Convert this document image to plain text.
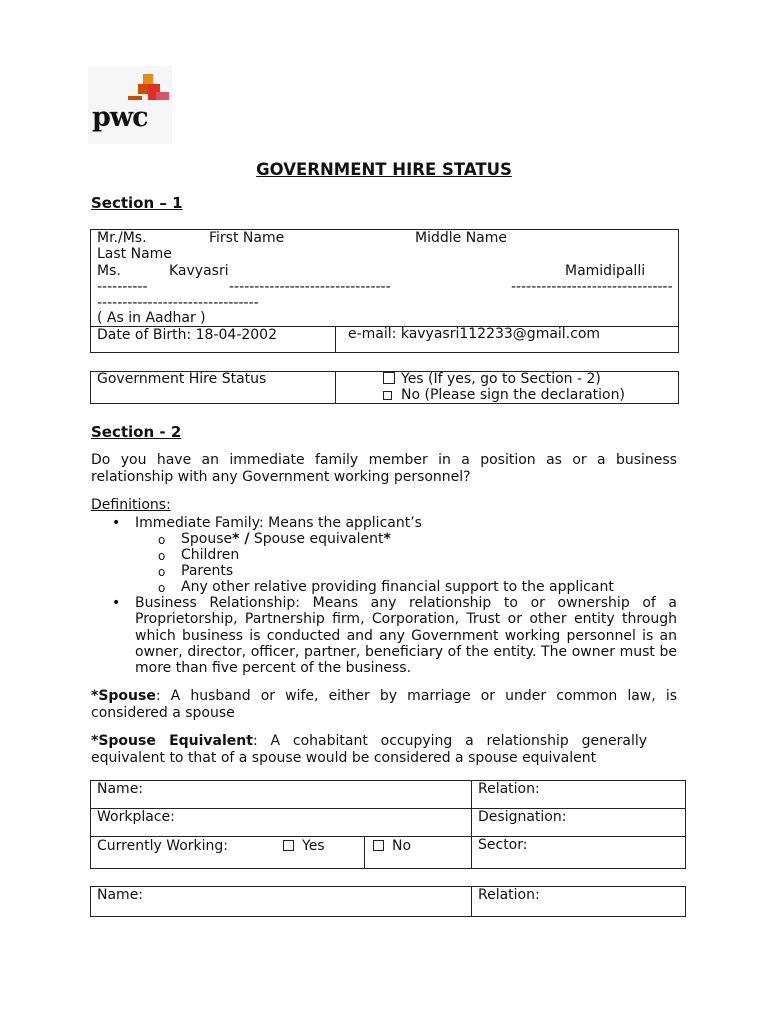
pwc
GOVERNMENT HIRE STATUS
Section – 1
Mr./Ms.	First Name	Middle Name
Last Name
Ms.	Kavyasri	Mamidipalli
----------	--------------------------------	--------------------------------
--------------------------------
( As in Aadhar )
Date of Birth: 18-04-2002	e-mail: kavyasri112233@gmail.com
Government Hire Status	Yes (If yes, go to Section - 2)
No (Please sign the declaration)
Section - 2
Do you have an immediate family member in a position as or a business relationship with any Government working personnel?
Definitions:
• Immediate Family: Means the applicant’s
o Spouse* / Spouse equivalent*
o Children
o Parents
o Any other relative providing financial support to the applicant
• Business Relationship: Means any relationship to or ownership of a Proprietorship, Partnership firm, Corporation, Trust or other entity through which business is conducted and any Government working personnel is an owner, director, officer, partner, beneficiary of the entity. The owner must be more than five percent of the business.
*Spouse: A husband or wife, either by marriage or under common law, is considered a spouse
*Spouse Equivalent: A cohabitant occupying a relationship generally equivalent to that of a spouse would be considered a spouse equivalent
Name:	Relation:
Workplace:	Designation:
Currently Working:	Yes	No	Sector:
Name:	Relation:
